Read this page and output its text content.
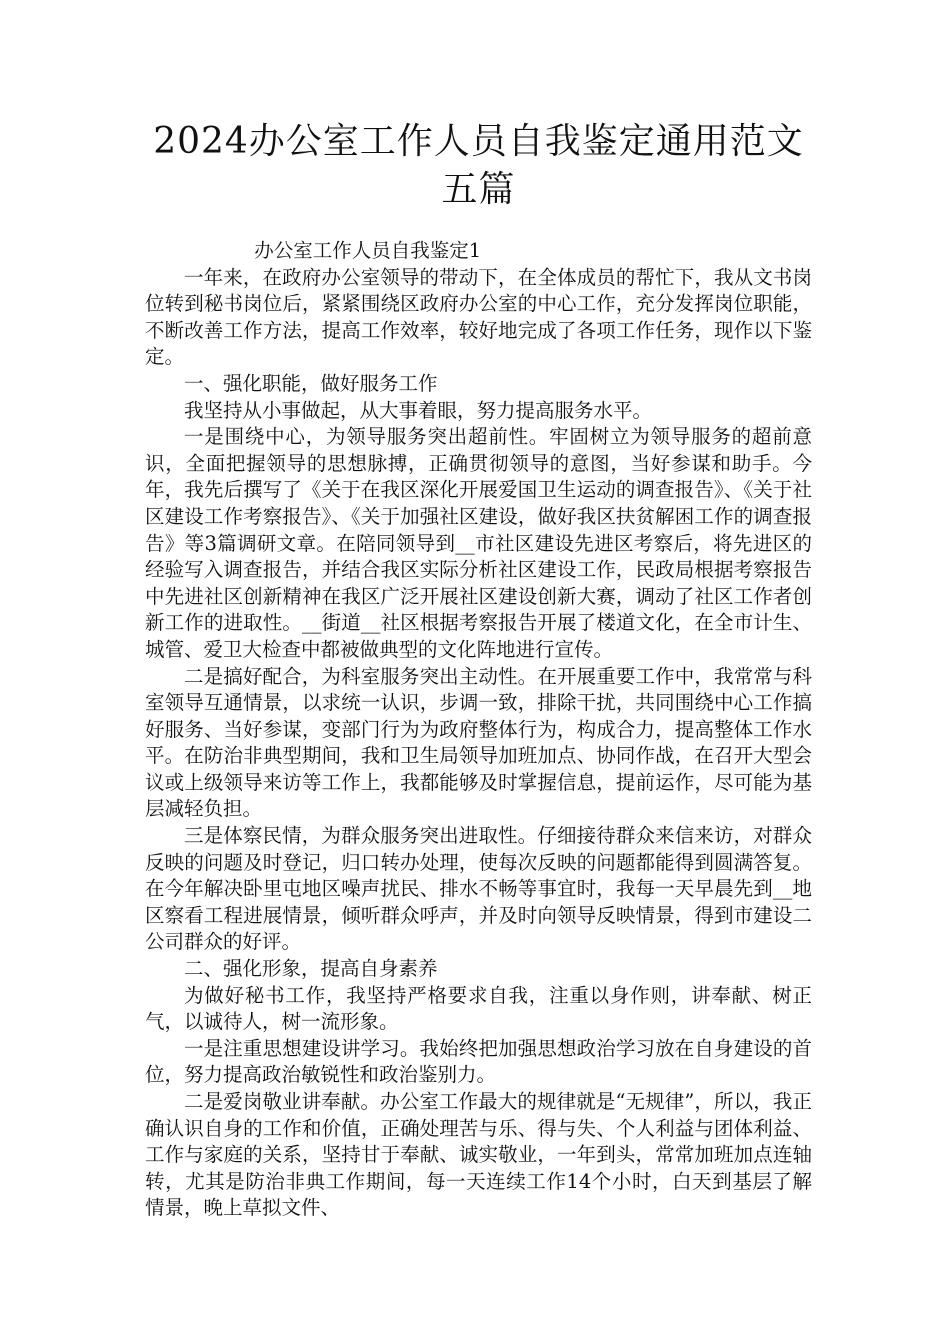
2024办公室工作人员自我鉴定通用范文五篇

办公室工作人员自我鉴定1

一年来，在政府办公室领导的带动下，在全体成员的帮忙下，我从文书岗位转到秘书岗位后，紧紧围绕区政府办公室的中心工作，充分发挥岗位职能，不断改善工作方法，提高工作效率，较好地完成了各项工作任务，现作以下鉴定。

一、强化职能，做好服务工作

我坚持从小事做起，从大事着眼，努力提高服务水平。

一是围绕中心，为领导服务突出超前性。牢固树立为领导服务的超前意识，全面把握领导的思想脉搏，正确贯彻领导的意图，当好参谋和助手。今年，我先后撰写了《关于在我区深化开展爱国卫生运动的调查报告》、《关于社区建设工作考察报告》、《关于加强社区建设，做好我区扶贫解困工作的调查报告》等3篇调研文章。在陪同领导到__市社区建设先进区考察后，将先进区的经验写入调查报告，并结合我区实际分析社区建设工作，民政局根据考察报告中先进社区创新精神在我区广泛开展社区建设创新大赛，调动了社区工作者创新工作的进取性。__街道__社区根据考察报告开展了楼道文化，在全市计生、城管、爱卫大检查中都被做典型的文化阵地进行宣传。

二是搞好配合，为科室服务突出主动性。在开展重要工作中，我常常与科室领导互通情景，以求统一认识，步调一致，排除干扰，共同围绕中心工作搞好服务、当好参谋，变部门行为为政府整体行为，构成合力，提高整体工作水平。在防治非典型期间，我和卫生局领导加班加点、协同作战，在召开大型会议或上级领导来访等工作上，我都能够及时掌握信息，提前运作，尽可能为基层减轻负担。

三是体察民情，为群众服务突出进取性。仔细接待群众来信来访，对群众反映的问题及时登记，归口转办处理，使每次反映的问题都能得到圆满答复。在今年解决卧里屯地区噪声扰民、排水不畅等事宜时，我每一天早晨先到__地区察看工程进展情景，倾听群众呼声，并及时向领导反映情景，得到市建设二公司群众的好评。

二、强化形象，提高自身素养

为做好秘书工作，我坚持严格要求自我，注重以身作则，讲奉献、树正气，以诚待人，树一流形象。

一是注重思想建设讲学习。我始终把加强思想政治学习放在自身建设的首位，努力提高政治敏锐性和政治鉴别力。

二是爱岗敬业讲奉献。办公室工作最大的规律就是“无规律”，所以，我正确认识自身的工作和价值，正确处理苦与乐、得与失、个人利益与团体利益、工作与家庭的关系，坚持甘于奉献、诚实敬业，一年到头，常常加班加点连轴转，尤其是防治非典工作期间，每一天连续工作14个小时，白天到基层了解情景，晚上草拟文件、
